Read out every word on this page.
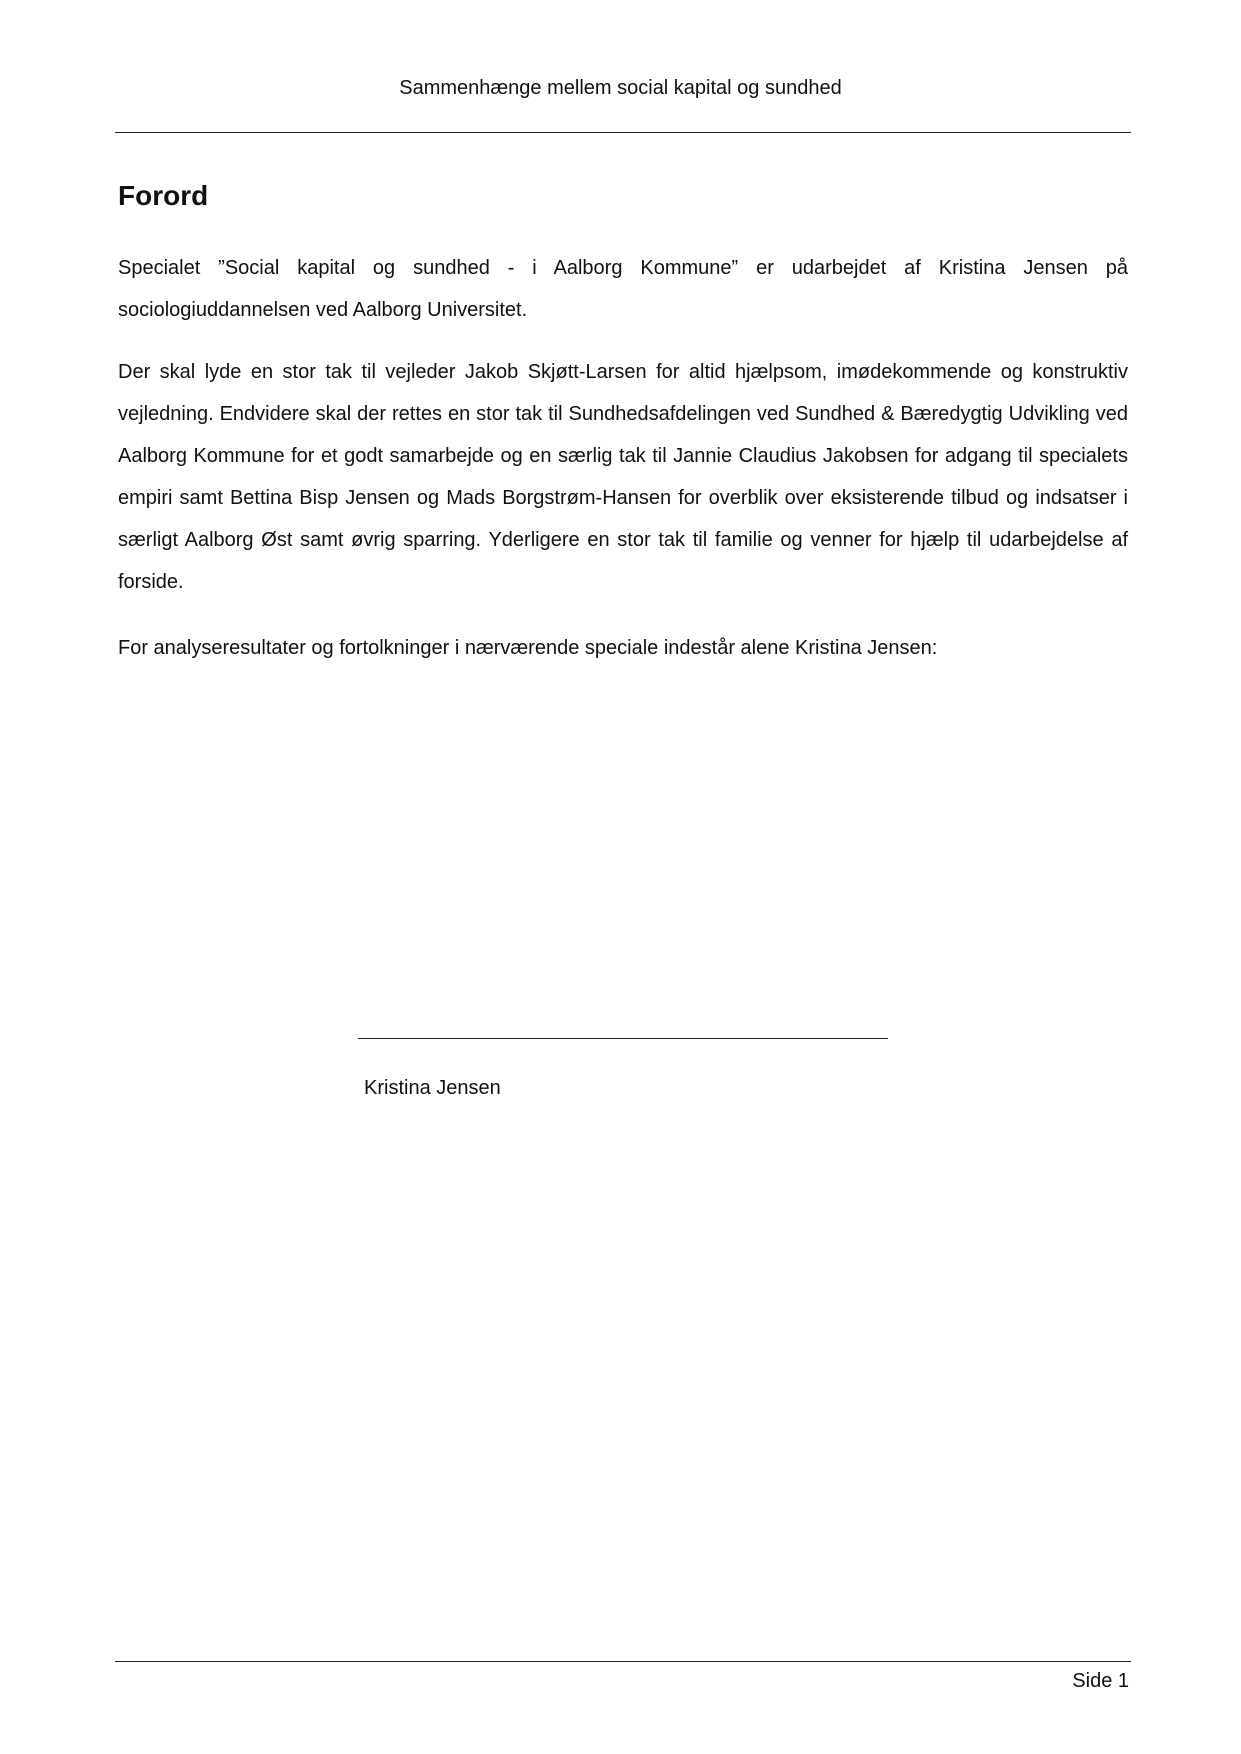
Sammenhænge mellem social kapital og sundhed
Forord

Specialet ”Social kapital og sundhed - i Aalborg Kommune” er udarbejdet af Kristina Jensen på sociologiuddannelsen ved Aalborg Universitet.

Der skal lyde en stor tak til vejleder Jakob Skjøtt-Larsen for altid hjælpsom, imødekommende og konstruktiv vejledning. Endvidere skal der rettes en stor tak til Sundhedsafdelingen ved Sundhed & Bæredygtig Udvikling ved Aalborg Kommune for et godt samarbejde og en særlig tak til Jannie Claudius Jakobsen for adgang til specialets empiri samt Bettina Bisp Jensen og Mads Borgstrøm-Hansen for overblik over eksisterende tilbud og indsatser i særligt Aalborg Øst samt øvrig sparring. Yderligere en stor tak til familie og venner for hjælp til udarbejdelse af forside.

For analyseresultater og fortolkninger i nærværende speciale indestår alene Kristina Jensen:

Kristina Jensen
Side 1
